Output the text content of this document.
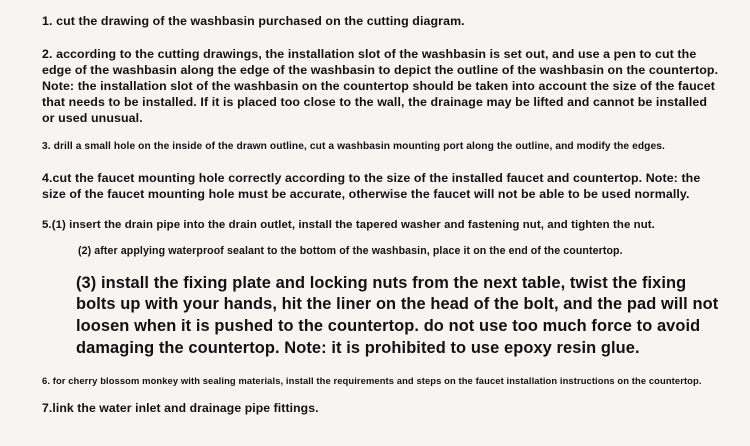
1. cut the drawing of the washbasin purchased on the cutting diagram.

2. according to the cutting drawings, the installation slot of the washbasin is set out, and use a pen to cut the edge of the washbasin along the edge of the washbasin to depict the outline of the washbasin on the countertop. Note: the installation slot of the washbasin on the countertop should be taken into account the size of the faucet that needs to be installed. If it is placed too close to the wall, the drainage may be lifted and cannot be installed or used unusual.

3. drill a small hole on the inside of the drawn outline, cut a washbasin mounting port along the outline, and modify the edges.

4.cut the faucet mounting hole correctly according to the size of the installed faucet and countertop. Note: the size of the faucet mounting hole must be accurate, otherwise the faucet will not be able to be used normally.

5.(1) insert the drain pipe into the drain outlet, install the tapered washer and fastening nut, and tighten the nut.

(2) after applying waterproof sealant to the bottom of the washbasin, place it on the end of the countertop.

(3) install the fixing plate and locking nuts from the next table, twist the fixing bolts up with your hands, hit the liner on the head of the bolt, and the pad will not loosen when it is pushed to the countertop. do not use too much force to avoid damaging the countertop. Note: it is prohibited to use epoxy resin glue.

6. for cherry blossom monkey with sealing materials, install the requirements and steps on the faucet installation instructions on the countertop.

7.link the water inlet and drainage pipe fittings.
